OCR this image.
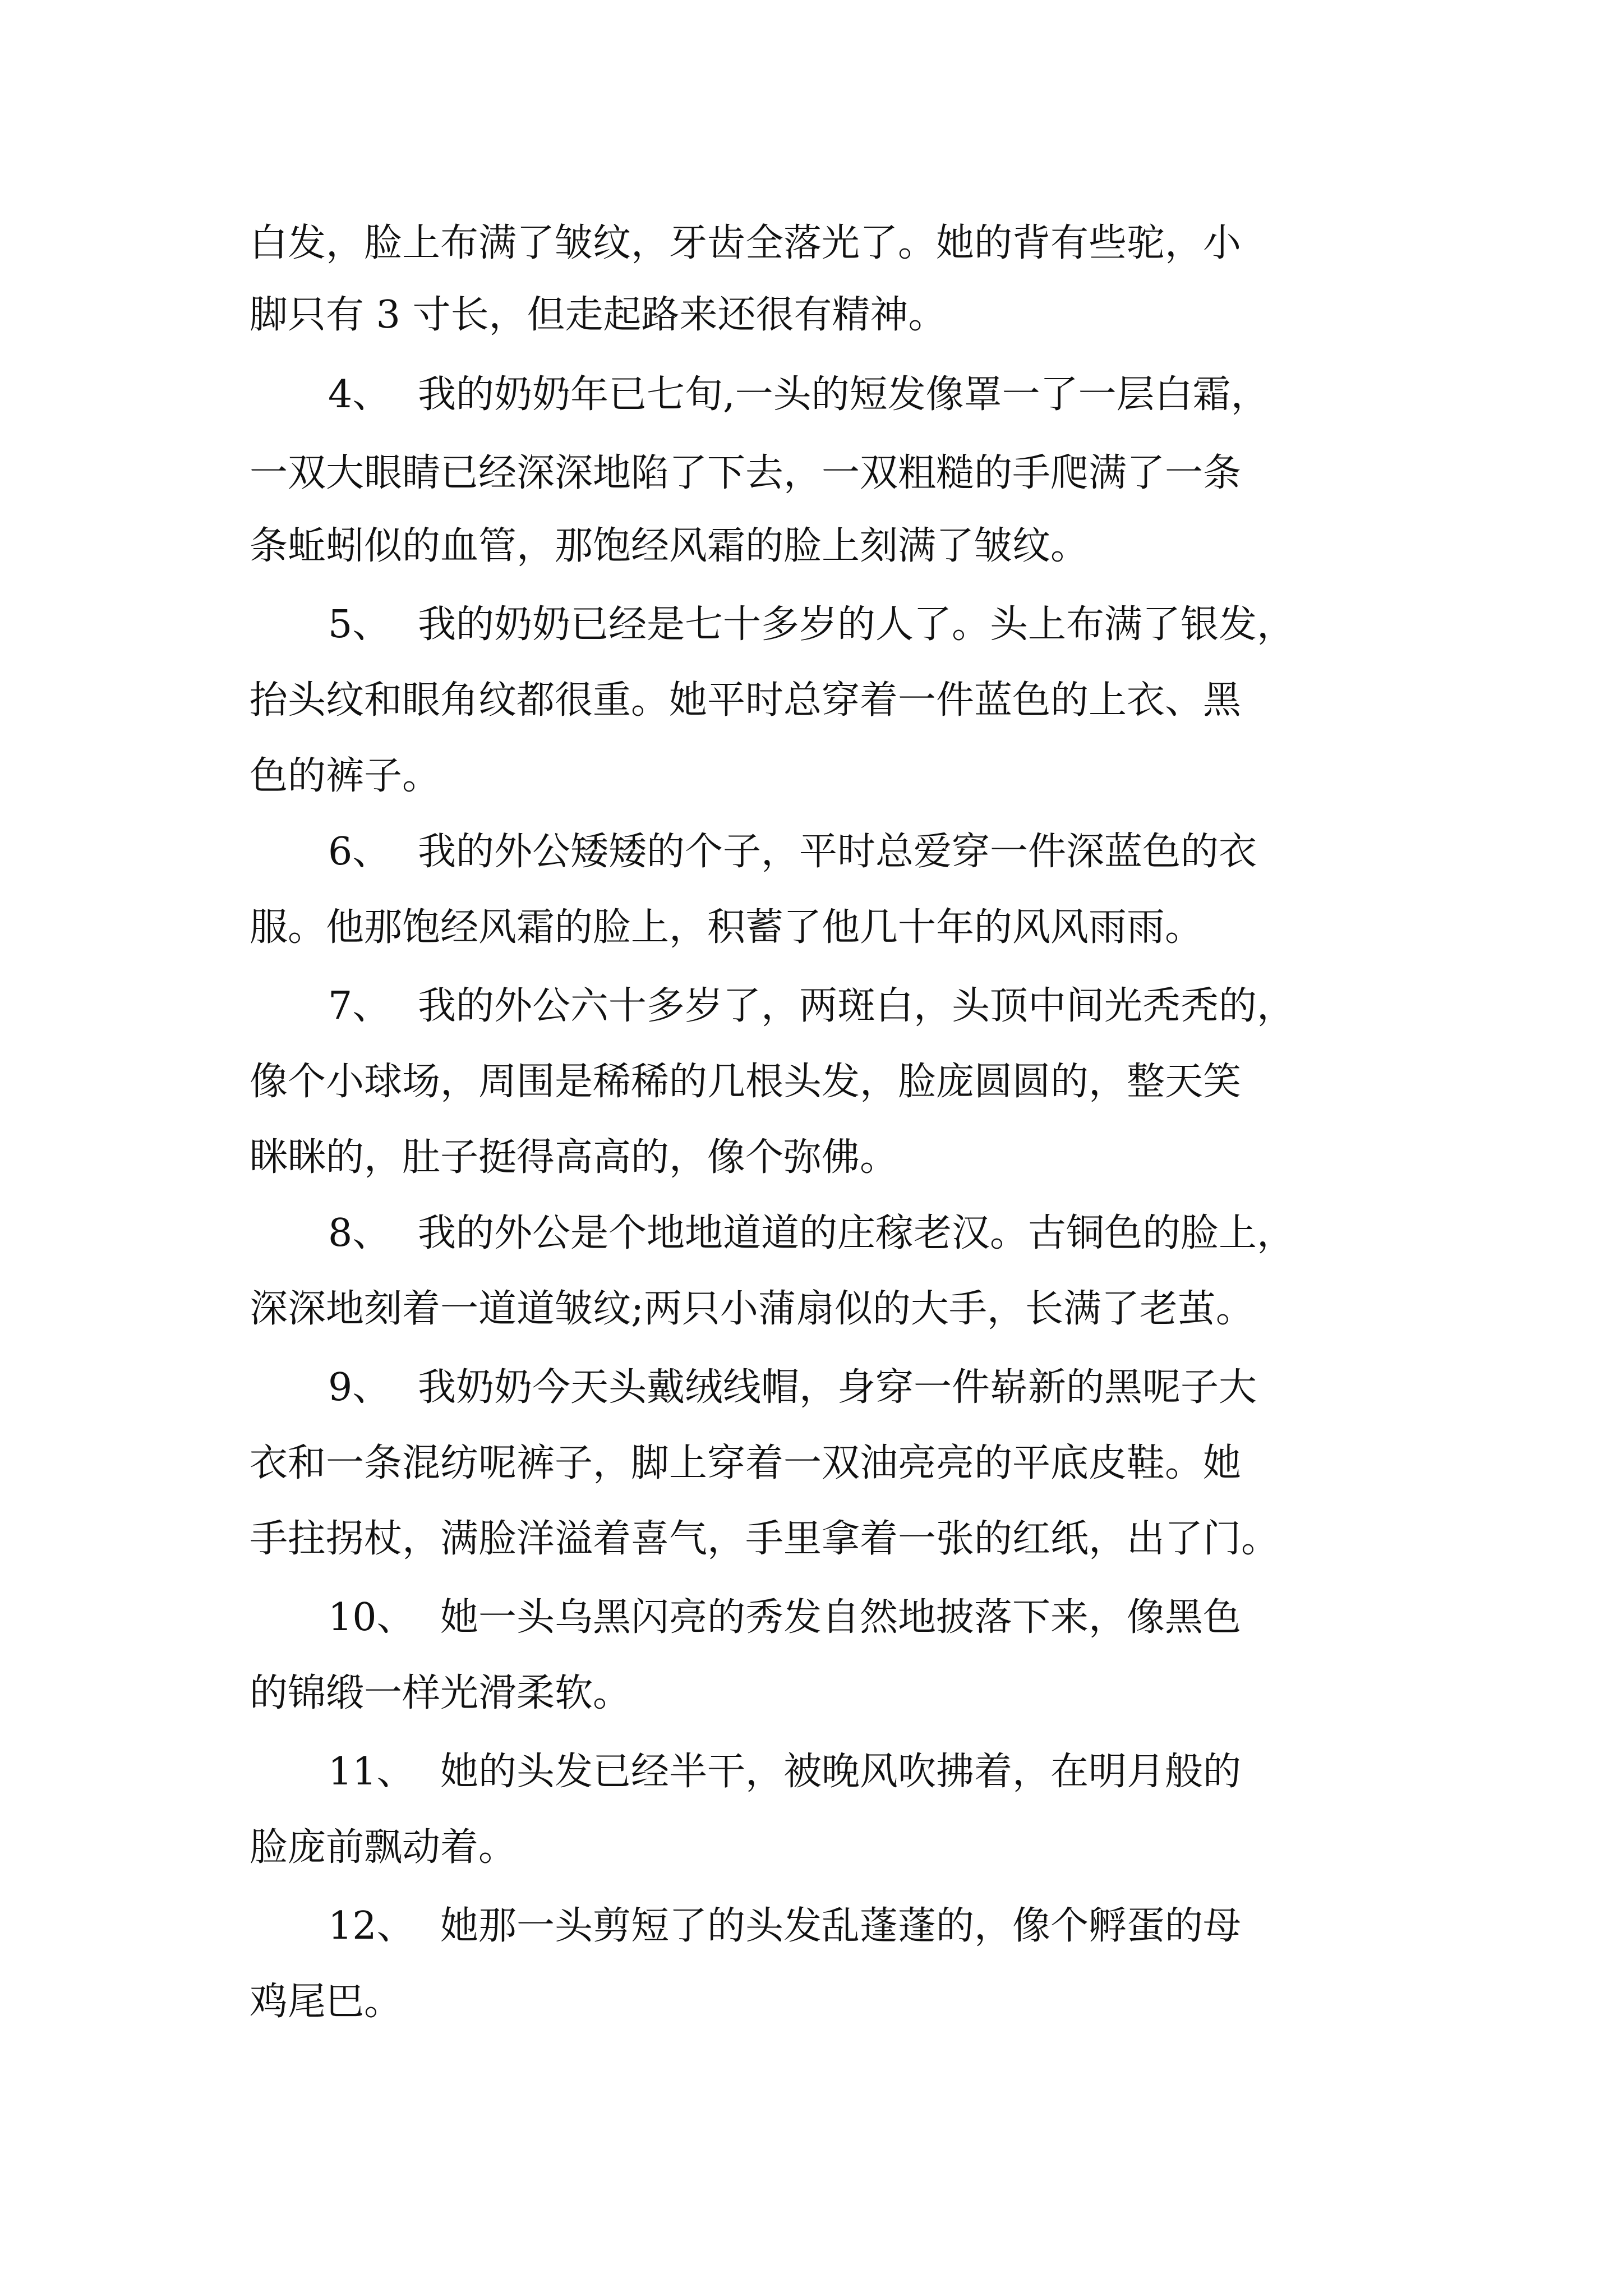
白发，脸上布满了皱纹，牙齿全落光了。她的背有些驼，小

脚只有 3 寸长，但走起路来还很有精神。

4、 我的奶奶年已七旬,一头的短发像罩一了一层白霜，

一双大眼睛已经深深地陷了下去，一双粗糙的手爬满了一条

条蚯蚓似的血管，那饱经风霜的脸上刻满了皱纹。

5、 我的奶奶已经是七十多岁的人了。头上布满了银发，

抬头纹和眼角纹都很重。她平时总穿着一件蓝色的上衣、黑

色的裤子。

6、 我的外公矮矮的个子，平时总爱穿一件深蓝色的衣

服。他那饱经风霜的脸上，积蓄了他几十年的风风雨雨。

7、 我的外公六十多岁了，两斑白，头顶中间光秃秃的，

像个小球场，周围是稀稀的几根头发，脸庞圆圆的，整天笑

眯眯的，肚子挺得高高的，像个弥佛。

8、 我的外公是个地地道道的庄稼老汉。古铜色的脸上，

深深地刻着一道道皱纹;两只小蒲扇似的大手，长满了老茧。

9、 我奶奶今天头戴绒线帽，身穿一件崭新的黑呢子大

衣和一条混纺呢裤子，脚上穿着一双油亮亮的平底皮鞋。她

手拄拐杖，满脸洋溢着喜气，手里拿着一张的红纸，出了门。

10、 她一头乌黑闪亮的秀发自然地披落下来，像黑色

的锦缎一样光滑柔软。

11、 她的头发已经半干，被晚风吹拂着，在明月般的

脸庞前飘动着。

12、 她那一头剪短了的头发乱蓬蓬的，像个孵蛋的母

鸡尾巴。
